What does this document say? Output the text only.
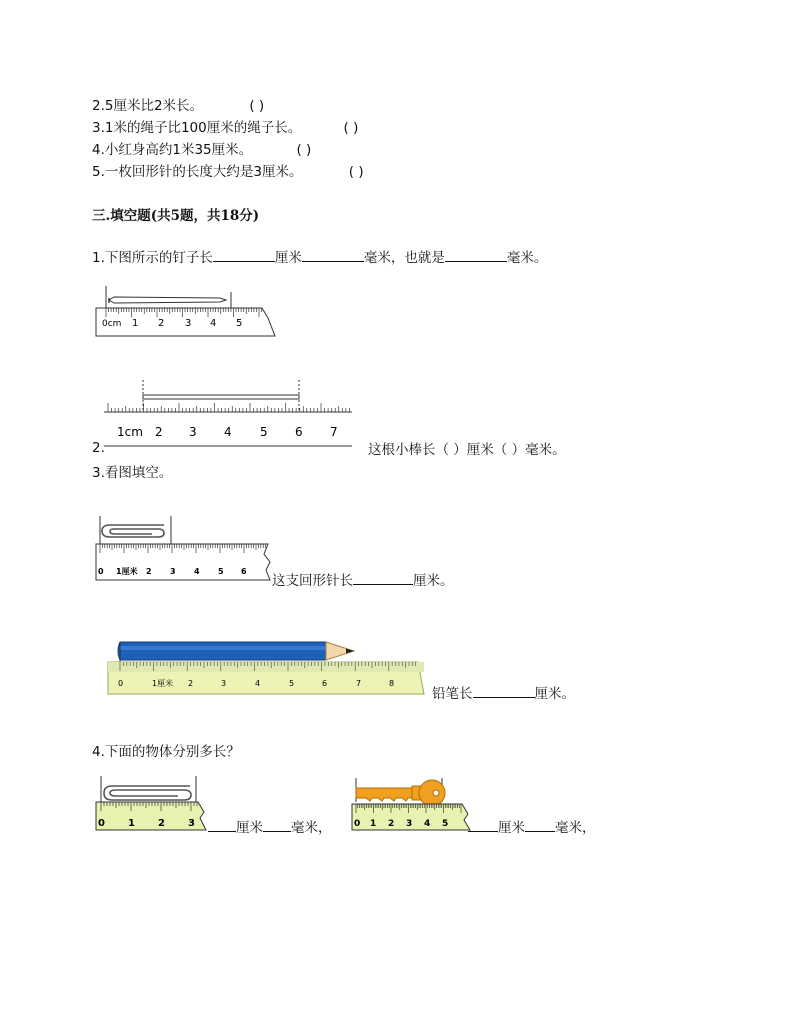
2.5厘米比2米长。	( )
3.1米的绳子比100厘米的绳子长。	( )
4.小红身高约1米35厘米。	( )
5.一枚回形针的长度大约是3厘米。	( )
三.填空题(共5题，共18分)
1.下图所示的钉子长	厘米	毫米，也就是	毫米。
0cm 1 2 3 4 5
1cm 2 3 4 5 6 7
2.	这根小棒长（ ）厘米（ ）毫米。
3.看图填空。
0 1厘米 2 3 4 5 6
这支回形针长	厘米。
0	1厘米 2	3	4	5	6	7	8
铅笔长	厘米。
4.下面的物体分别多长？
0 1 2 3	厘米 毫米，	0 1 2 3 4 5	厘米 毫米，
